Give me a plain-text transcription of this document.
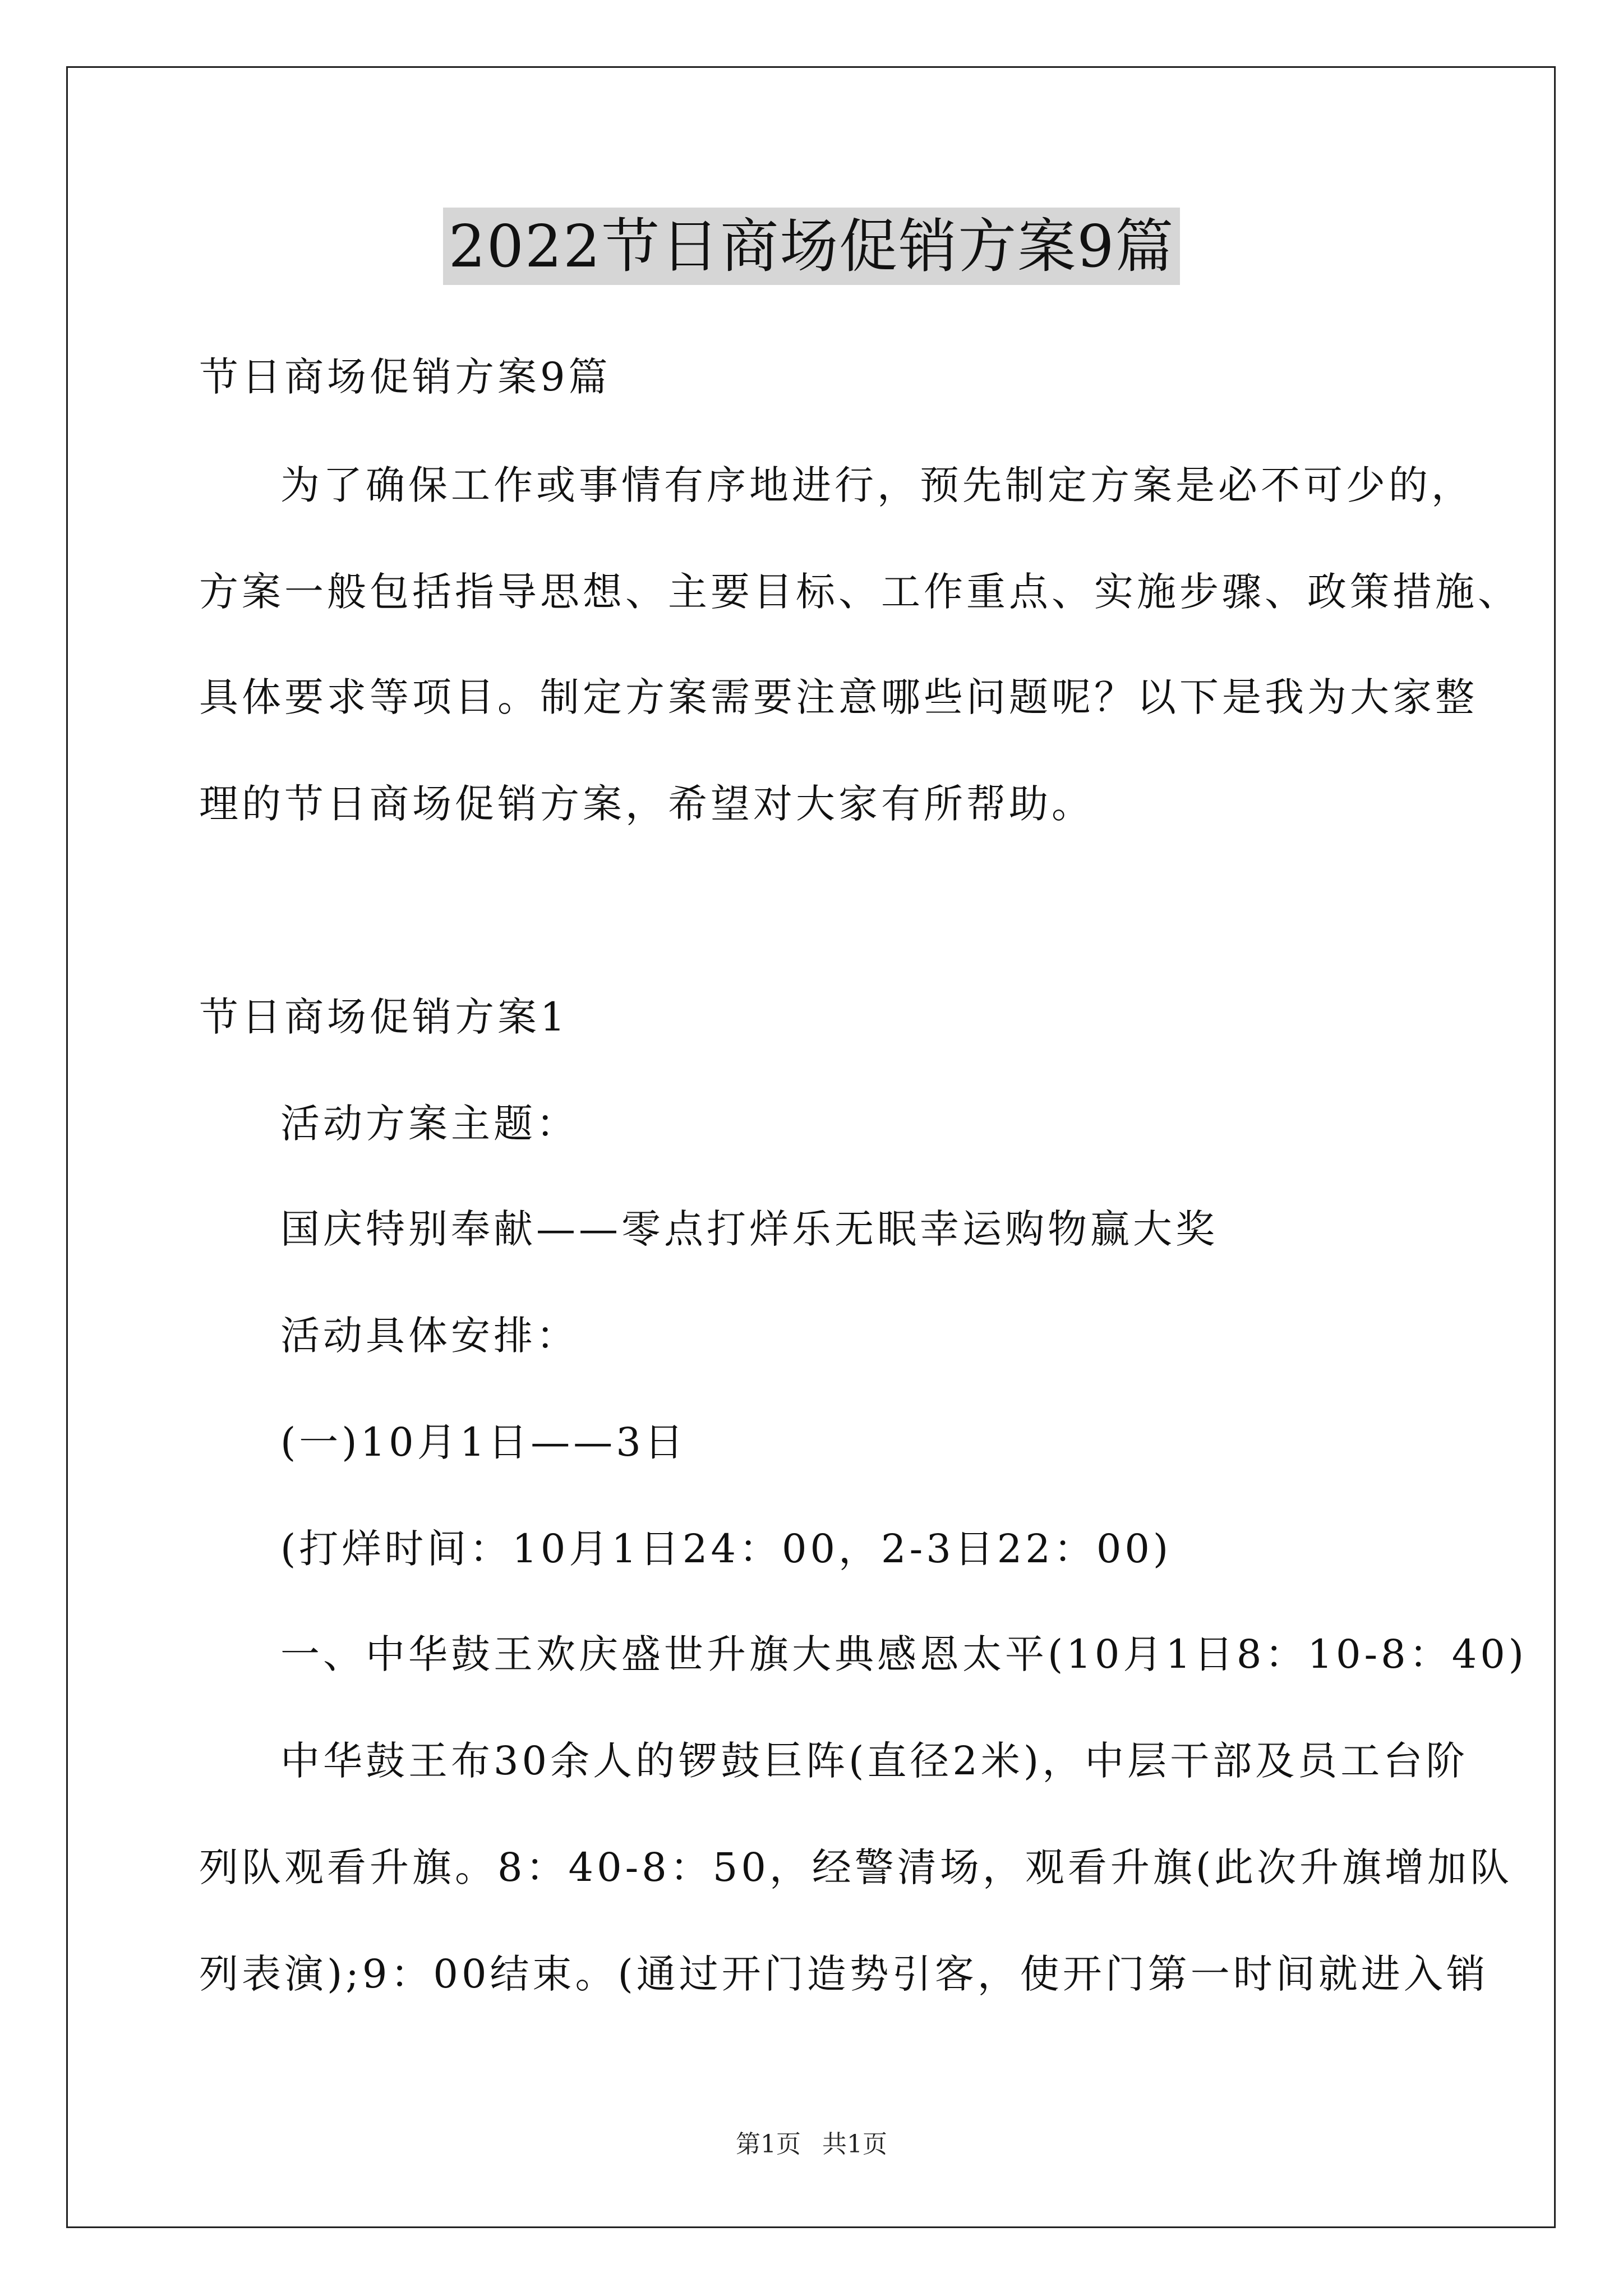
2022节日商场促销方案9篇
节日商场促销方案9篇
为了确保工作或事情有序地进行，预先制定方案是必不可少的，
方案一般包括指导思想、主要目标、工作重点、实施步骤、政策措施、
具体要求等项目。制定方案需要注意哪些问题呢？以下是我为大家整
理的节日商场促销方案，希望对大家有所帮助。
节日商场促销方案1
活动方案主题：
国庆特别奉献——零点打烊乐无眠幸运购物赢大奖
活动具体安排：
(一)10月1日——3日
(打烊时间：10月1日24：00，2-3日22：00)
一、中华鼓王欢庆盛世升旗大典感恩太平(10月1日8：10-8：40)
中华鼓王布30余人的锣鼓巨阵(直径2米)，中层干部及员工台阶
列队观看升旗。8：40-8：50，经警清场，观看升旗(此次升旗增加队
列表演);9：00结束。(通过开门造势引客，使开门第一时间就进入销
第1页 共1页
